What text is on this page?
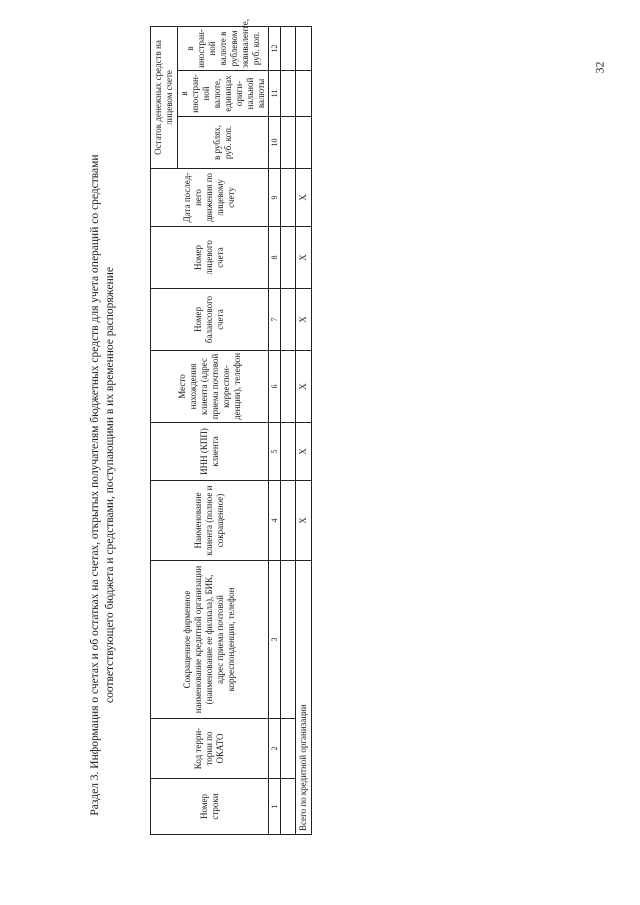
32
Раздел 3. Информация о счетах и об остатках на счетах, открытых получателям бюджетных средств для учета операций со средствами соответствующего бюджета и средствами, поступающими в их временное распоряжение
Номер строки	Код терри-тории по ОКАТО	Сокращенное фирменное наименование кредитной организации (наименование ее филиала), БИК, адрес приема почтовой корреспонденции, телефон	Наименование клиента (полное и сокращенное)	ИНН (КПП) клиента	Место нахождения клиента (адрес приема почтовой корреспон-денции), телефон	Номер балансового счета	Номер лицевого счета	Дата послед-него движения по лицевому счету	Остаток денежных средств на лицевом счете		
									в рублях, руб. коп.	в иностран-ной валюте, единицах ориги-нальной валюты	в иностран-ной валюте в рублевом эквиваленте, руб. коп.
1	2	3	4	5	6	7	8	9	10	11	12

Всего по кредитной организации			X	X	X	X	X	X			
